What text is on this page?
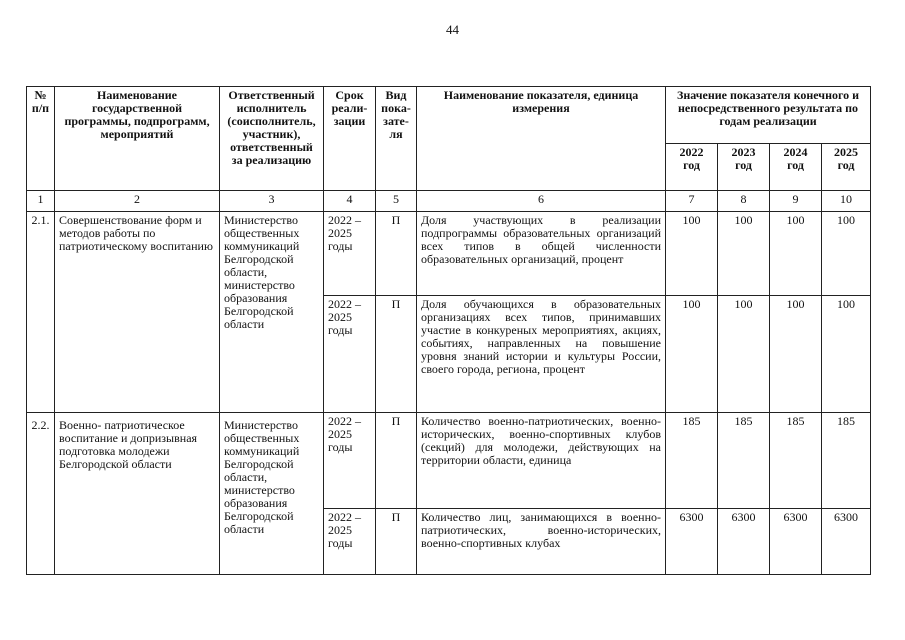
44
№ п/п	Наименование государственной программы, подпрограмм, мероприятий	Ответственный исполнитель (соисполнитель, участник), ответственный за реализацию	Срок реали-зации	Вид пока-зате-ля	Наименование показателя, единица измерения	Значение показателя конечного и непосредственного результата по годам реализации			
						2022 год	2023 год	2024 год	2025 год
1	2	3	4	5	6	7	8	9	10
2.1.	Совершенствование форм и методов работы по патриотическому воспитанию	Министерство общественных коммуникаций Белгородской области, министерство образования Белгородской области	2022 – 2025 годы	П	Доля участвующих в реализации подпрограммы образовательных организаций всех типов в общей численности образовательных организаций, процент	100	100	100	100
			2022 – 2025 годы	П	Доля обучающихся в образовательных организациях всех типов, принимавших участие в конкуреных мероприятиях, акциях, событиях, направленных на повышение уровня знаний истории и культуры России, своего города, региона, процент	100	100	100	100
2.2.	Военно- патриотическое воспитание и допризывная подготовка молодежи Белгородской области	Министерство общественных коммуникаций Белгородской области, министерство образования Белгородской области	2022 – 2025 годы	П	Количество военно-патриотических, военно-исторических, военно-спортивных клубов (секций) для молодежи, действующих на территории области, единица	185	185	185	185
			2022 – 2025 годы	П	Количество лиц, занимающихся в военно-патриотических, военно-исторических, военно-спортивных клубах	6300	6300	6300	6300
